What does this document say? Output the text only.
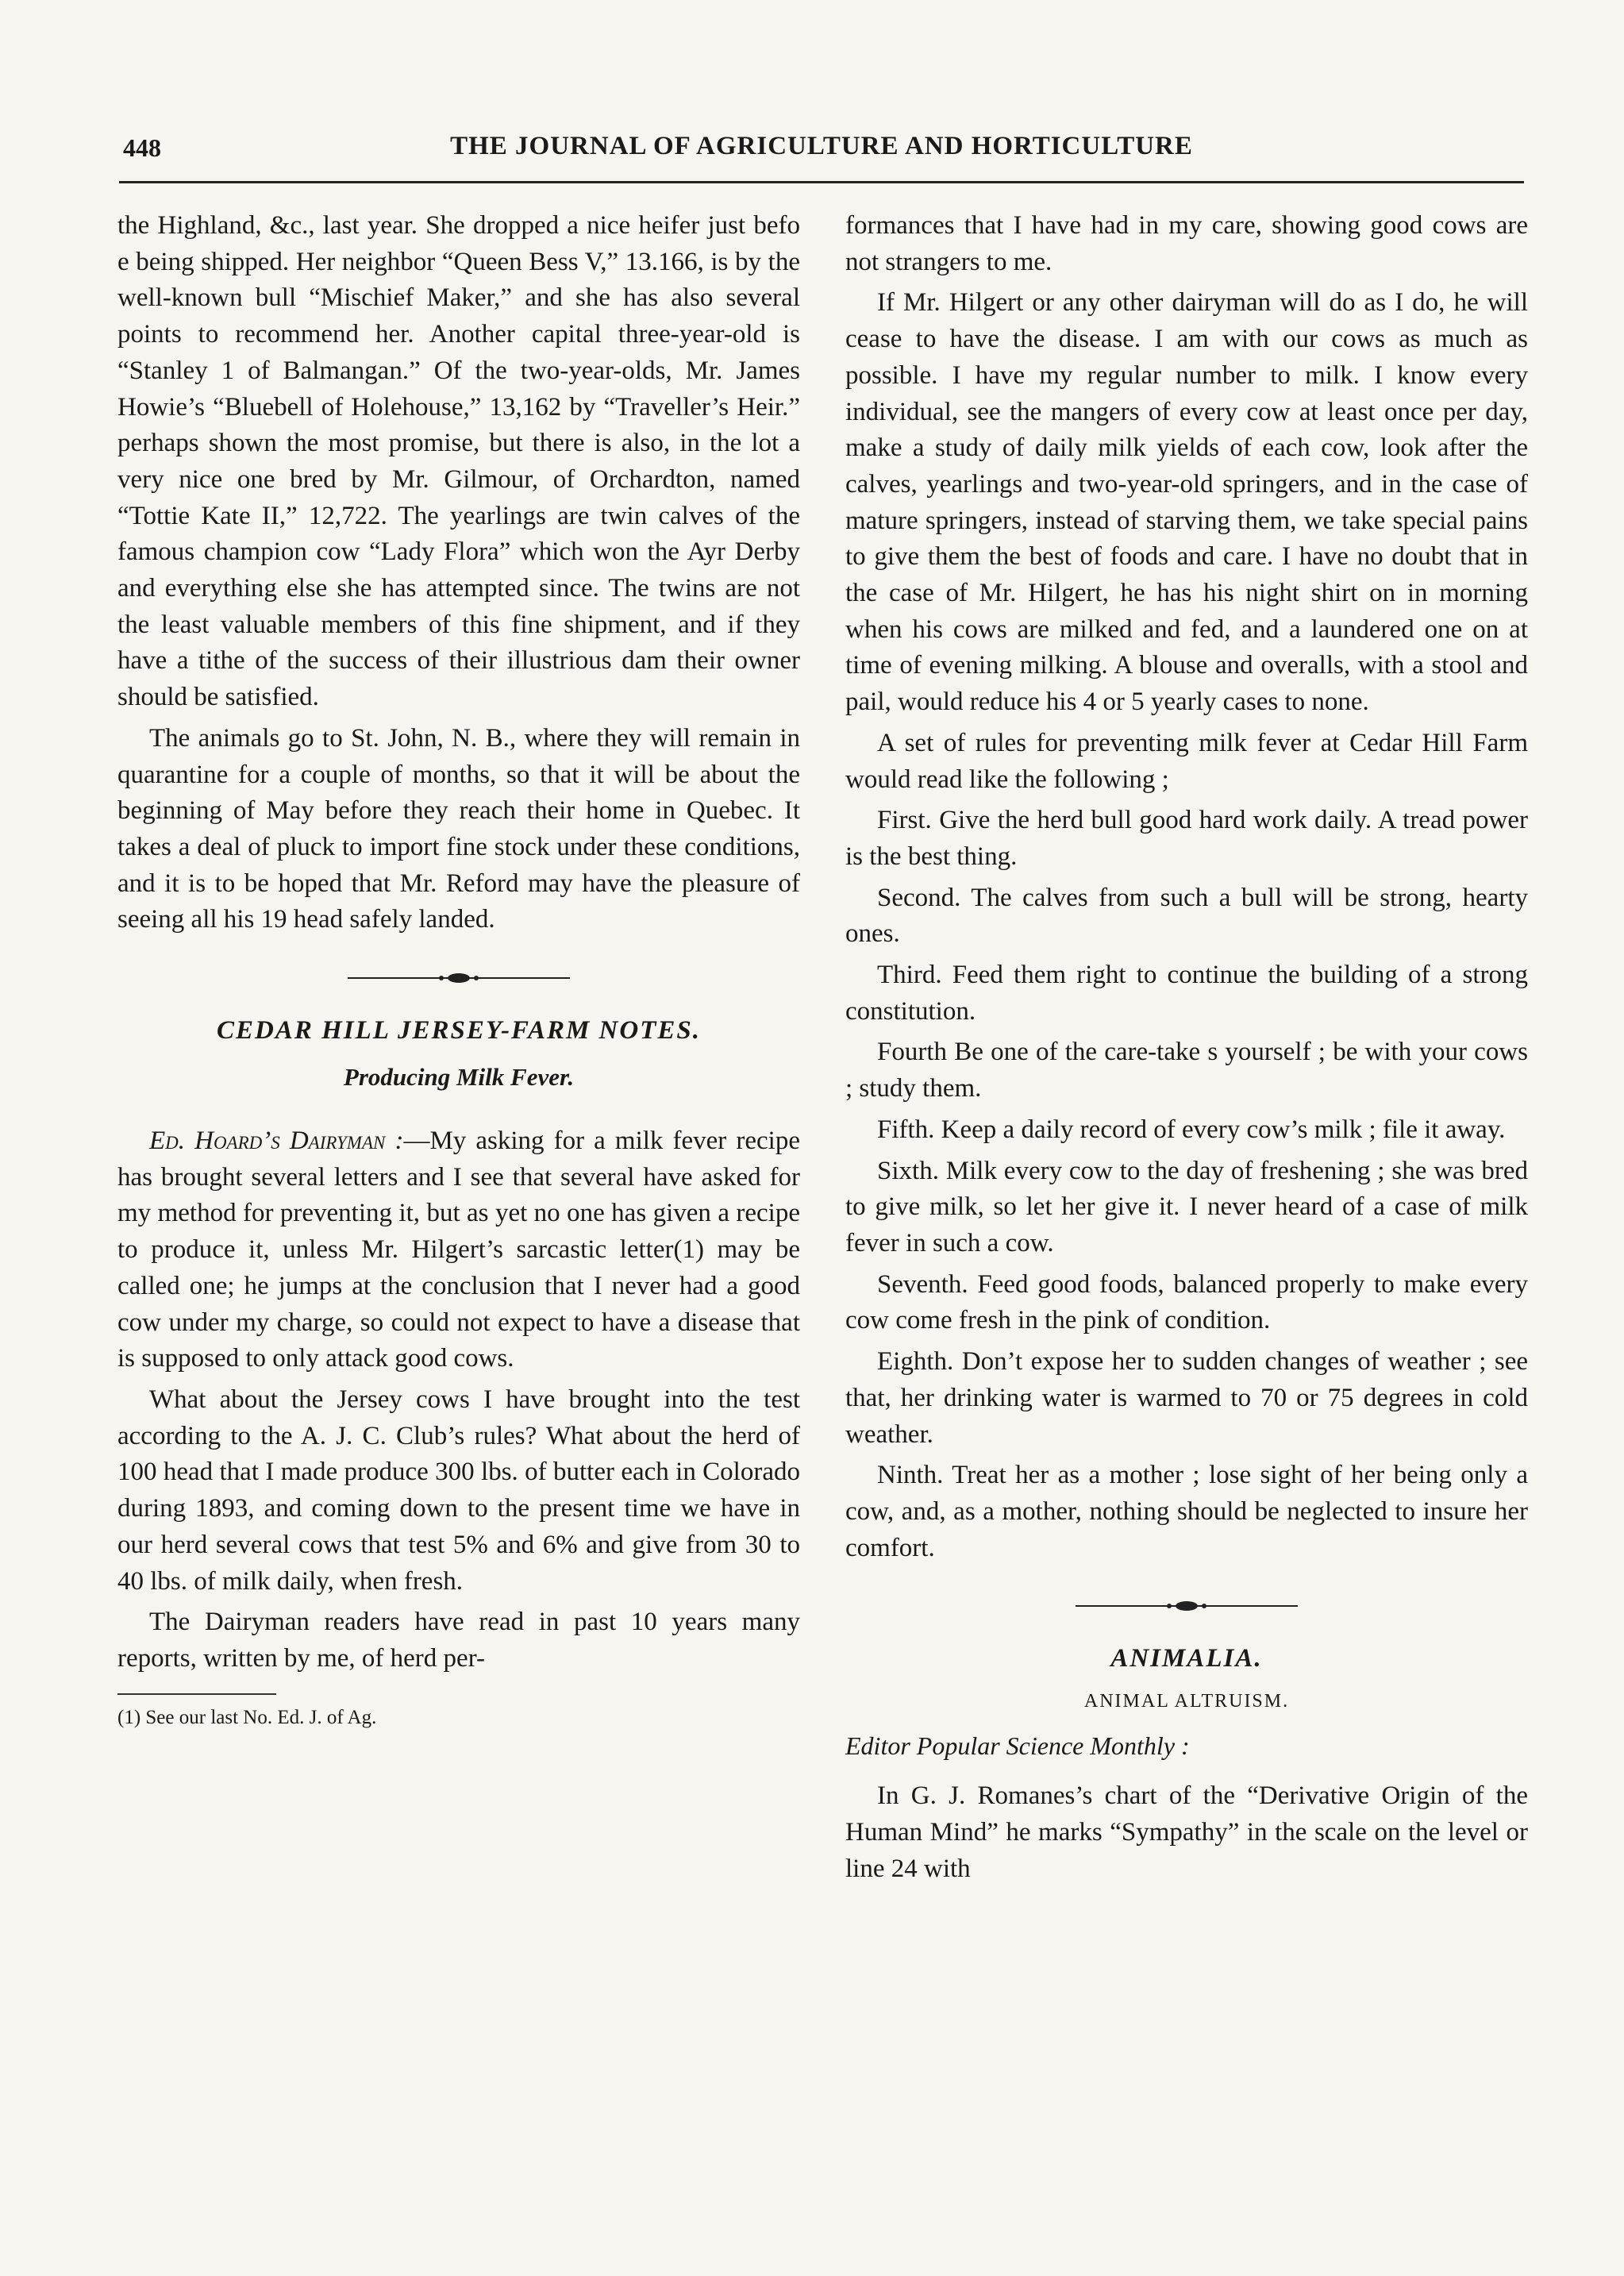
448	THE JOURNAL OF AGRICULTURE AND HORTICULTURE

the Highland, &c., last year. She dropped a nice heifer just befo e being shipped. Her neighbor “Queen Bess V,” 13.166, is by the well-known bull “Mischief Maker,” and she has also several points to recommend her. Another capital three-year-old is “Stanley 1 of Balmangan.” Of the two-year-olds, Mr. James Howie’s “Bluebell of Holehouse,” 13,162 by “Traveller’s Heir.” perhaps shown the most promise, but there is also, in the lot a very nice one bred by Mr. Gilmour, of Orchardton, named “Tottie Kate II,” 12,722. The yearlings are twin calves of the famous champion cow “Lady Flora” which won the Ayr Derby and everything else she has attempted since. The twins are not the least valuable members of this fine shipment, and if they have a tithe of the success of their illustrious dam their owner should be satisfied.

The animals go to St. John, N. B., where they will remain in quarantine for a couple of months, so that it will be about the beginning of May before they reach their home in Quebec. It takes a deal of pluck to import fine stock under these conditions, and it is to be hoped that Mr. Reford may have the pleasure of seeing all his 19 head safely landed.

CEDAR HILL JERSEY-FARM NOTES.
Producing Milk Fever.

Ed. Hoard’s Dairyman :—My asking for a milk fever recipe has brought several letters and I see that several have asked for my method for preventing it, but as yet no one has given a recipe to produce it, unless Mr. Hilgert’s sarcastic letter(1) may be called one; he jumps at the conclusion that I never had a good cow under my charge, so could not expect to have a disease that is supposed to only attack good cows.

What about the Jersey cows I have brought into the test according to the A. J. C. Club’s rules? What about the herd of 100 head that I made produce 300 lbs. of butter each in Colorado during 1893, and coming down to the present time we have in our herd several cows that test 5% and 6% and give from 30 to 40 lbs. of milk daily, when fresh.

The Dairyman readers have read in past 10 years many reports, written by me, of herd per-

(1) See our last No. Ed. J. of Ag.

formances that I have had in my care, showing good cows are not strangers to me.

If Mr. Hilgert or any other dairyman will do as I do, he will cease to have the disease. I am with our cows as much as possible. I have my regular number to milk. I know every individual, see the mangers of every cow at least once per day, make a study of daily milk yields of each cow, look after the calves, yearlings and two-year-old springers, and in the case of mature springers, instead of starving them, we take special pains to give them the best of foods and care. I have no doubt that in the case of Mr. Hilgert, he has his night shirt on in morning when his cows are milked and fed, and a laundered one on at time of evening milking. A blouse and overalls, with a stool and pail, would reduce his 4 or 5 yearly cases to none.

A set of rules for preventing milk fever at Cedar Hill Farm would read like the following ;

First. Give the herd bull good hard work daily. A tread power is the best thing.

Second. The calves from such a bull will be strong, hearty ones.

Third. Feed them right to continue the building of a strong constitution.

Fourth Be one of the care-take s yourself ; be with your cows ; study them.

Fifth. Keep a daily record of every cow’s milk ; file it away.

Sixth. Milk every cow to the day of freshening ; she was bred to give milk, so let her give it. I never heard of a case of milk fever in such a cow.

Seventh. Feed good foods, balanced properly to make every cow come fresh in the pink of condition.

Eighth. Don’t expose her to sudden changes of weather ; see that, her drinking water is warmed to 70 or 75 degrees in cold weather.

Ninth. Treat her as a mother ; lose sight of her being only a cow, and, as a mother, nothing should be neglected to insure her comfort.

ANIMALIA.
ANIMAL ALTRUISM.
Editor Popular Science Monthly :

In G. J. Romanes’s chart of the “Derivative Origin of the Human Mind” he marks “Sympathy” in the scale on the level or line 24 with
